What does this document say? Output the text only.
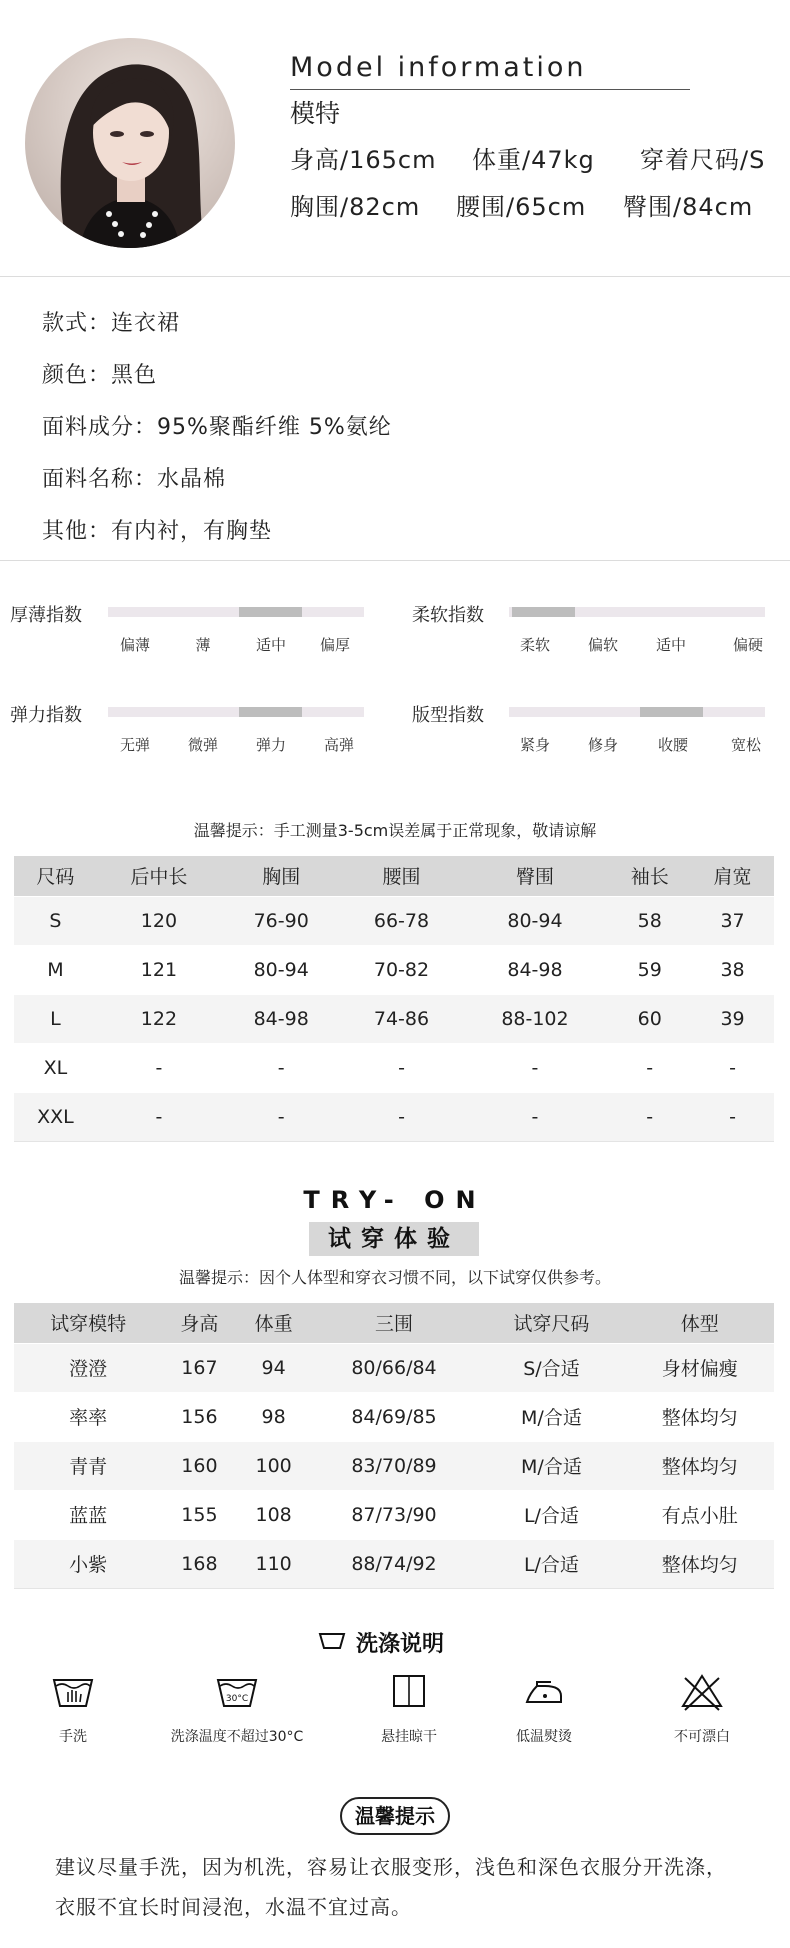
Model information
模特
身高/165cm 体重/47kg 穿着尺码/S
胸围/82cm 腰围/65cm 臀围/84cm
款式：连衣裙
颜色：黑色
面料成分：95%聚酯纤维 5%氨纶
面料名称：水晶棉
其他：有内衬，有胸垫
厚薄指数
偏薄	薄	适中	偏厚
柔软指数
柔软	偏软	适中	偏硬
弹力指数
无弹	微弹	弹力	高弹
版型指数
紧身	修身	收腰	宽松
温馨提示：手工测量3-5cm误差属于正常现象，敬请谅解
尺码	后中长	胸围	腰围	臀围	袖长	肩宽
S	120	76-90	66-78	80-94	58	37
M	121	80-94	70-82	84-98	59	38
L	122	84-98	74-86	88-102	60	39
XL	-	-	-	-	-	-
XXL	-	-	-	-	-	-
TRY- ON
试穿体验
温馨提示：因个人体型和穿衣习惯不同，以下试穿仅供参考。
试穿模特	身高	体重	三围	试穿尺码	体型
澄澄	167	94	80/66/84	S/合适	身材偏瘦
率率	156	98	84/69/85	M/合适	整体均匀
青青	160	100	83/70/89	M/合适	整体均匀
蓝蓝	155	108	87/73/90	L/合适	有点小肚
小紫	168	110	88/74/92	L/合适	整体均匀
洗涤说明
手洗
30°C
洗涤温度不超过30°C	悬挂晾干	低温熨烫	不可漂白
温馨提示
建议尽量手洗，因为机洗，容易让衣服变形，浅色和深色衣服分开洗涤，衣服不宜长时间浸泡，水温不宜过高。
